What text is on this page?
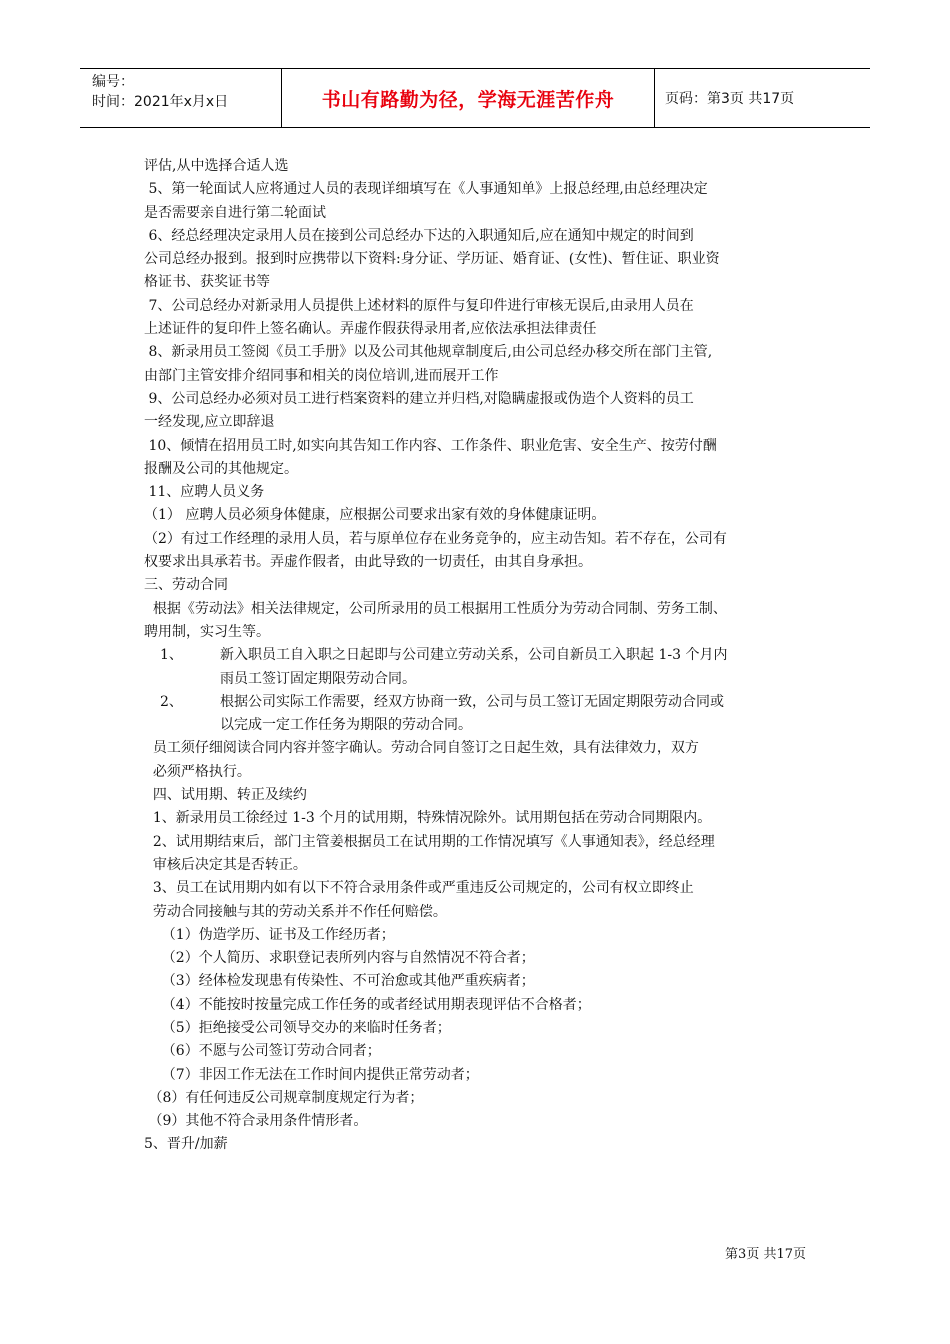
编号：
时间：2021年x月x日	书山有路勤为径，学海无涯苦作舟	页码：第3页 共17页

评估,从中选择合适人选

5、第一轮面试人应将通过人员的表现详细填写在《人事通知单》上报总经理,由总经理决定

是否需要亲自进行第二轮面试

6、经总经理决定录用人员在接到公司总经办下达的入职通知后,应在通知中规定的时间到

公司总经办报到。报到时应携带以下资料:身分证、学历证、婚育证、(女性)、暂住证、职业资

格证书、获奖证书等

7、公司总经办对新录用人员提供上述材料的原件与复印件进行审核无误后,由录用人员在

上述证件的复印件上签名确认。弄虚作假获得录用者,应依法承担法律责任

8、新录用员工签阅《员工手册》以及公司其他规章制度后,由公司总经办移交所在部门主管,

由部门主管安排介绍同事和相关的岗位培训,进而展开工作

9、公司总经办必须对员工进行档案资料的建立并归档,对隐瞒虚报或伪造个人资料的员工

一经发现,应立即辞退

10、倾情在招用员工时,如实向其告知工作内容、工作条件、职业危害、安全生产、按劳付酬

报酬及公司的其他规定。

11、应聘人员义务

（1） 应聘人员必须身体健康，应根据公司要求出家有效的身体健康证明。

（2）有过工作经理的录用人员，若与原单位存在业务竞争的，应主动告知。若不存在，公司有

权要求出具承若书。弄虚作假者，由此导致的一切责任，由其自身承担。

三、劳动合同

根据《劳动法》相关法律规定，公司所录用的员工根据用工性质分为劳动合同制、劳务工制、

聘用制，实习生等。

1、	新入职员工自入职之日起即与公司建立劳动关系，公司自新员工入职起 1-3 个月内
雨员工签订固定期限劳动合同。
2、	根据公司实际工作需要，经双方协商一致，公司与员工签订无固定期限劳动合同或
以完成一定工作任务为期限的劳动合同。

员工须仔细阅读合同内容并签字确认。劳动合同自签订之日起生效，具有法律效力，双方

必须严格执行。

四、试用期、转正及续约

1、新录用员工徐经过 1-3 个月的试用期，特殊情况除外。试用期包括在劳动合同期限内。

2、试用期结束后，部门主管姜根据员工在试用期的工作情况填写《人事通知表》，经总经理

审核后决定其是否转正。

3、员工在试用期内如有以下不符合录用条件或严重违反公司规定的，公司有权立即终止

劳动合同接触与其的劳动关系并不作任何赔偿。

（1）伪造学历、证书及工作经历者；

（2）个人简历、求职登记表所列内容与自然情况不符合者；

（3）经体检发现患有传染性、不可治愈或其他严重疾病者；

（4）不能按时按量完成工作任务的或者经试用期表现评估不合格者；

（5）拒绝接受公司领导交办的来临时任务者；

（6）不愿与公司签订劳动合同者；

（7）非因工作无法在工作时间内提供正常劳动者；

（8）有任何违反公司规章制度规定行为者；

（9）其他不符合录用条件情形者。

5、晋升/加薪

第3页 共17页
